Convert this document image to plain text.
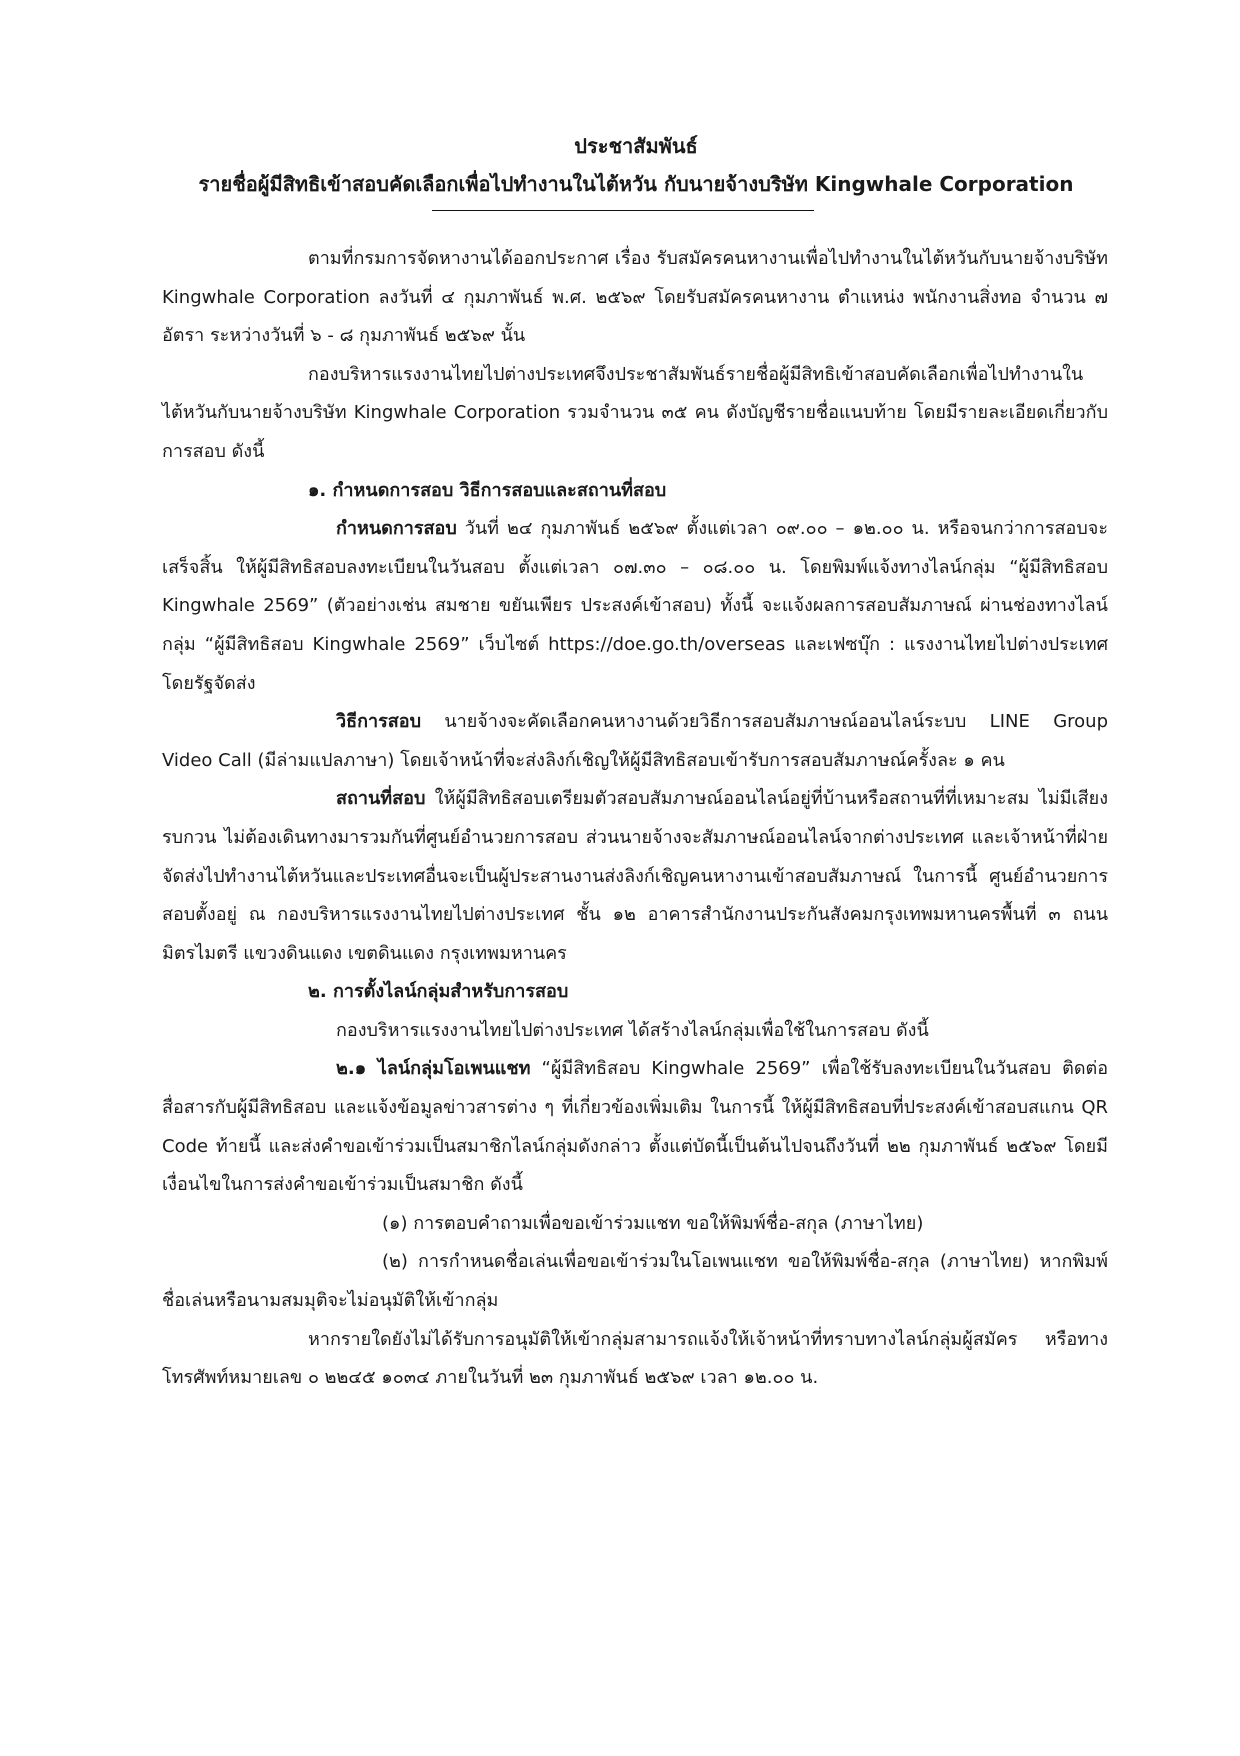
ประชาสัมพันธ์
รายชื่อผู้มีสิทธิเข้าสอบคัดเลือกเพื่อไปทำงานในไต้หวัน กับนายจ้างบริษัท Kingwhale Corporation

ตามที่กรมการจัดหางานได้ออกประกาศ เรื่อง รับสมัครคนหางานเพื่อไปทำงานในไต้หวันกับนายจ้างบริษัท Kingwhale Corporation ลงวันที่ ๔ กุมภาพันธ์ พ.ศ. ๒๕๖๙ โดยรับสมัครคนหางาน ตำแหน่ง พนักงานสิ่งทอ จำนวน ๗ อัตรา ระหว่างวันที่ ๖ - ๘ กุมภาพันธ์ ๒๕๖๙ นั้น

กองบริหารแรงงานไทยไปต่างประเทศจึงประชาสัมพันธ์รายชื่อผู้มีสิทธิเข้าสอบคัดเลือกเพื่อไปทำงานในไต้หวันกับนายจ้างบริษัท Kingwhale Corporation รวมจำนวน ๓๕ คน ดังบัญชีรายชื่อแนบท้าย โดยมีรายละเอียดเกี่ยวกับการสอบ ดังนี้

๑. กำหนดการสอบ วิธีการสอบและสถานที่สอบ

กำหนดการสอบ วันที่ ๒๔ กุมภาพันธ์ ๒๕๖๙ ตั้งแต่เวลา ๐๙.๐๐ – ๑๒.๐๐ น. หรือจนกว่าการสอบจะเสร็จสิ้น ให้ผู้มีสิทธิสอบลงทะเบียนในวันสอบ ตั้งแต่เวลา ๐๗.๓๐ – ๐๘.๐๐ น. โดยพิมพ์แจ้งทางไลน์กลุ่ม “ผู้มีสิทธิสอบ Kingwhale 2569” (ตัวอย่างเช่น สมชาย ขยันเพียร ประสงค์เข้าสอบ) ทั้งนี้ จะแจ้งผลการสอบสัมภาษณ์ ผ่านช่องทางไลน์กลุ่ม “ผู้มีสิทธิสอบ Kingwhale 2569” เว็บไซต์ https://doe.go.th/overseas และเฟซบุ๊ก : แรงงานไทยไปต่างประเทศโดยรัฐจัดส่ง

วิธีการสอบ นายจ้างจะคัดเลือกคนหางานด้วยวิธีการสอบสัมภาษณ์ออนไลน์ระบบ LINE Group Video Call (มีล่ามแปลภาษา) โดยเจ้าหน้าที่จะส่งลิงก์เชิญให้ผู้มีสิทธิสอบเข้ารับการสอบสัมภาษณ์ครั้งละ ๑ คน

สถานที่สอบ ให้ผู้มีสิทธิสอบเตรียมตัวสอบสัมภาษณ์ออนไลน์อยู่ที่บ้านหรือสถานที่ที่เหมาะสม ไม่มีเสียงรบกวน ไม่ต้องเดินทางมารวมกันที่ศูนย์อำนวยการสอบ ส่วนนายจ้างจะสัมภาษณ์ออนไลน์จากต่างประเทศ และเจ้าหน้าที่ฝ่ายจัดส่งไปทำงานไต้หวันและประเทศอื่นจะเป็นผู้ประสานงานส่งลิงก์เชิญคนหางานเข้าสอบสัมภาษณ์ ในการนี้ ศูนย์อำนวยการสอบตั้งอยู่ ณ กองบริหารแรงงานไทยไปต่างประเทศ ชั้น ๑๒ อาคารสำนักงานประกันสังคมกรุงเทพมหานครพื้นที่ ๓ ถนนมิตรไมตรี แขวงดินแดง เขตดินแดง กรุงเทพมหานคร

๒. การตั้งไลน์กลุ่มสำหรับการสอบ

กองบริหารแรงงานไทยไปต่างประเทศ ได้สร้างไลน์กลุ่มเพื่อใช้ในการสอบ ดังนี้

๒.๑ ไลน์กลุ่มโอเพนแชท “ผู้มีสิทธิสอบ Kingwhale 2569” เพื่อใช้รับลงทะเบียนในวันสอบ ติดต่อสื่อสารกับผู้มีสิทธิสอบ และแจ้งข้อมูลข่าวสารต่าง ๆ ที่เกี่ยวข้องเพิ่มเติม ในการนี้ ให้ผู้มีสิทธิสอบที่ประสงค์เข้าสอบสแกน QR Code ท้ายนี้ และส่งคำขอเข้าร่วมเป็นสมาชิกไลน์กลุ่มดังกล่าว ตั้งแต่บัดนี้เป็นต้นไปจนถึงวันที่ ๒๒ กุมภาพันธ์ ๒๕๖๙ โดยมีเงื่อนไขในการส่งคำขอเข้าร่วมเป็นสมาชิก ดังนี้

(๑) การตอบคำถามเพื่อขอเข้าร่วมแชท ขอให้พิมพ์ชื่อ-สกุล (ภาษาไทย)

(๒) การกำหนดชื่อเล่นเพื่อขอเข้าร่วมในโอเพนแชท ขอให้พิมพ์ชื่อ-สกุล (ภาษาไทย) หากพิมพ์ชื่อเล่นหรือนามสมมุติจะไม่อนุมัติให้เข้ากลุ่ม

หากรายใดยังไม่ได้รับการอนุมัติให้เข้ากลุ่มสามารถแจ้งให้เจ้าหน้าที่ทราบทางไลน์กลุ่มผู้สมัคร หรือทางโทรศัพท์หมายเลข ๐ ๒๒๔๕ ๑๐๓๔ ภายในวันที่ ๒๓ กุมภาพันธ์ ๒๕๖๙ เวลา ๑๒.๐๐ น.
